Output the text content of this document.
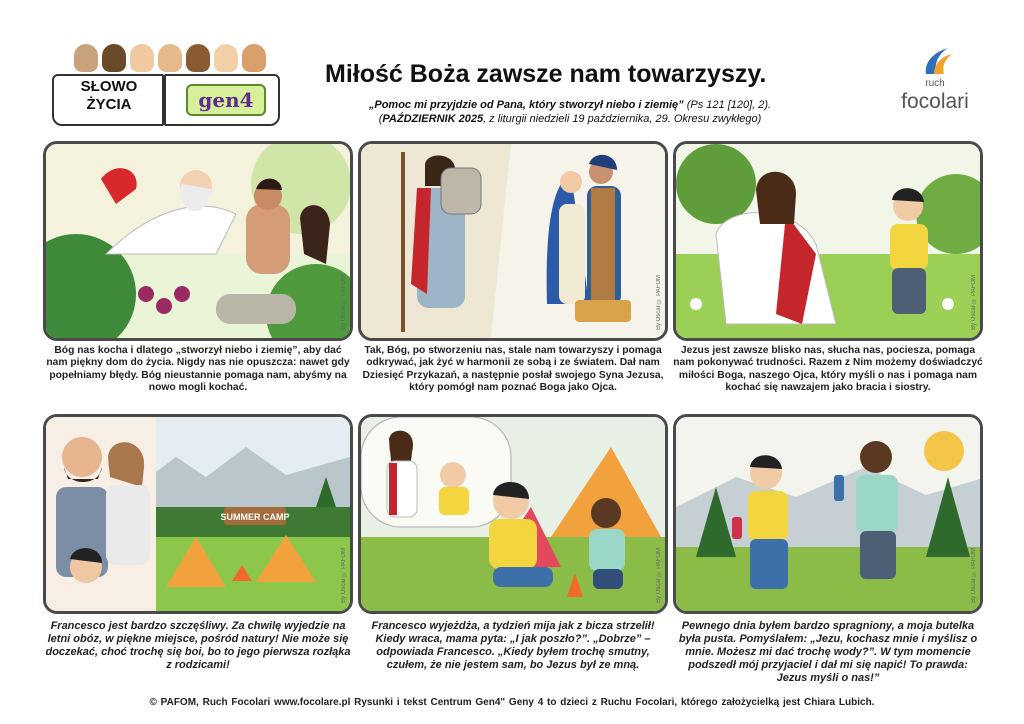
SŁOWO
ŻYCIA	gen4
Miłość Boża zawsze nam towarzyszy.
„Pomoc mi przyjdzie od Pana, który stworzył niebo i ziemię” (Ps 121 [120], 2).
(PAŹDZIERNIK 2025, z liturgii niedzieli 19 października, 29. Okresu zwykłego)
ruch
focolari
By Oscar © PAFOM	By Oscar © PAFOM	By Oscar © PAFOM
SUMMER CAMP
By Oscar © PAFOM	By Oscar © PAFOM	By Oscar © PAFOM
Bóg nas kocha i dlatego „stworzył niebo i ziemię”, aby dać nam piękny dom do życia. Nigdy nas nie opuszcza: nawet gdy popełniamy błędy. Bóg nieustannie pomaga nam, abyśmy na nowo mogli kochać.
Tak, Bóg, po stworzeniu nas, stale nam towarzyszy i pomaga odkrywać, jak żyć w harmonii ze sobą i ze światem. Dał nam Dziesięć Przykazań, a następnie posłał swojego Syna Jezusa, który pomógł nam poznać Boga jako Ojca.
Jezus jest zawsze blisko nas, słucha nas, pociesza, pomaga nam pokonywać trudności. Razem z Nim możemy doświadczyć miłości Boga, naszego Ojca, który myśli o nas i pomaga nam kochać się nawzajem jako bracia i siostry.
Francesco jest bardzo szczęśliwy. Za chwilę wyjedzie na letni obóz, w piękne miejsce, pośród natury! Nie może się doczekać, choć trochę się boi, bo to jego pierwsza rozłąka z rodzicami!
Francesco wyjeżdża, a tydzień mija jak z bicza strzelił! Kiedy wraca, mama pyta: „I jak poszło?”. „Dobrze” – odpowiada Francesco. „Kiedy byłem trochę smutny, czułem, że nie jestem sam, bo Jezus był ze mną.
Pewnego dnia byłem bardzo spragniony, a moja butelka była pusta. Pomyślałem: „Jezu, kochasz mnie i myślisz o mnie. Możesz mi dać trochę wody?”. W tym momencie podszedł mój przyjaciel i dał mi się napić! To prawda: Jezus myśli o nas!”
© PAFOM, Ruch Focolari www.focolare.pl Rysunki i tekst Centrum Gen4" Geny 4 to dzieci z Ruchu Focolari, którego założycielką jest Chiara Lubich.
